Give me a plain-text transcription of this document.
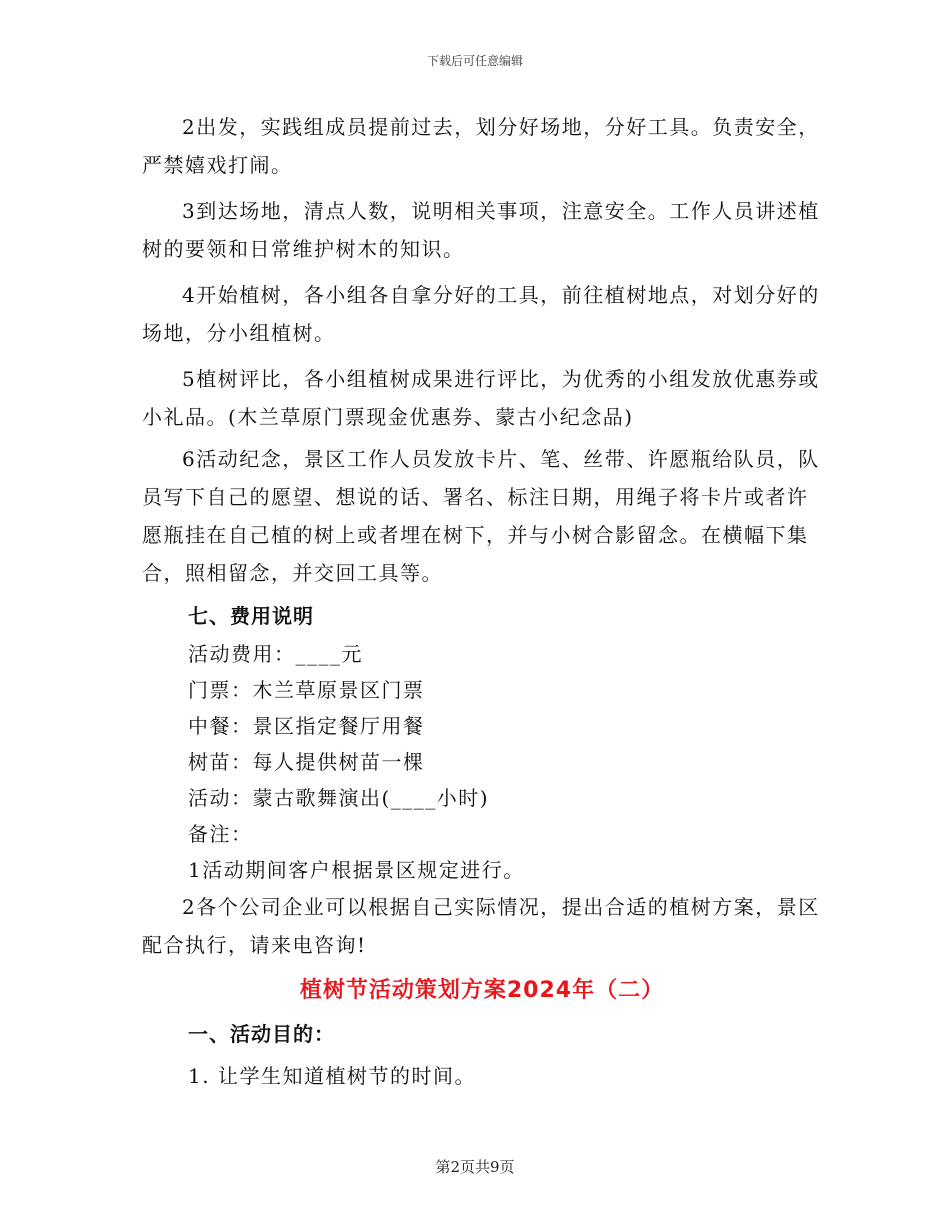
下载后可任意编辑

2出发，实践组成员提前过去，划分好场地，分好工具。负责安全，严禁嬉戏打闹。

3到达场地，清点人数，说明相关事项，注意安全。工作人员讲述植树的要领和日常维护树木的知识。

4开始植树，各小组各自拿分好的工具，前往植树地点，对划分好的场地，分小组植树。

5植树评比，各小组植树成果进行评比，为优秀的小组发放优惠券或小礼品。(木兰草原门票现金优惠券、蒙古小纪念品)

6活动纪念，景区工作人员发放卡片、笔、丝带、许愿瓶给队员，队员写下自己的愿望、想说的话、署名、标注日期，用绳子将卡片或者许愿瓶挂在自己植的树上或者埋在树下，并与小树合影留念。在横幅下集合，照相留念，并交回工具等。

七、费用说明

活动费用：____元

门票：木兰草原景区门票

中餐：景区指定餐厅用餐

树苗：每人提供树苗一棵

活动：蒙古歌舞演出(____小时)

备注：

1活动期间客户根据景区规定进行。

2各个公司企业可以根据自己实际情况，提出合适的植树方案，景区配合执行，请来电咨询!

植树节活动策划方案2024年（二）

一、活动目的：

1. 让学生知道植树节的时间。

第2页共9页
